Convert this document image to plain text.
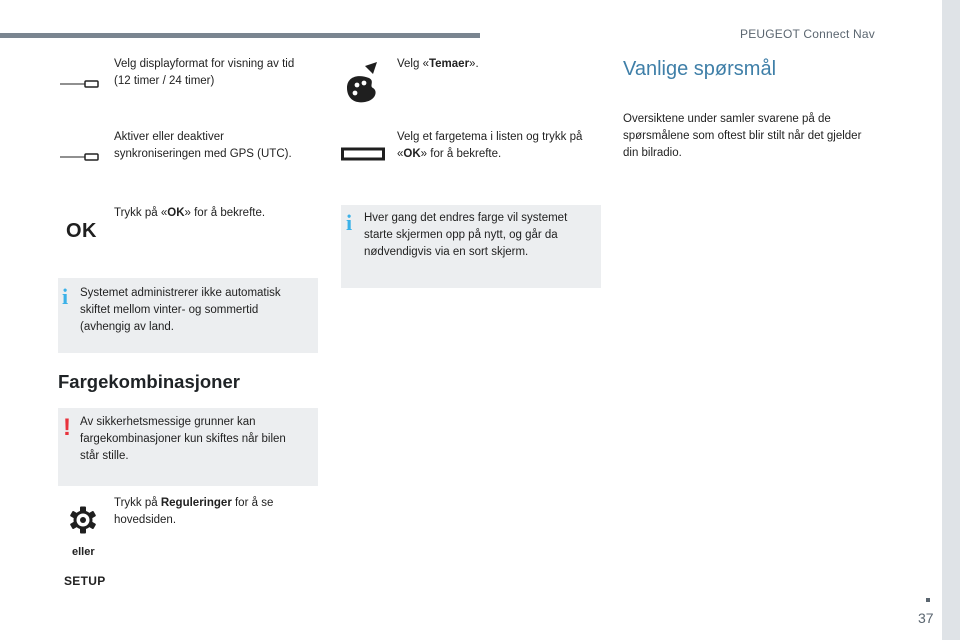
PEUGEOT Connect Nav
Velg displayformat for visning av tid
(12 timer / 24 timer)
Aktiver eller deaktiver
synkroniseringen med GPS (UTC).
OK
Trykk på «OK» for å bekrefte.
i Systemet administrerer ikke automatisk
skiftet mellom vinter- og sommertid
(avhengig av land.
Fargekombinasjoner
! Av sikkerhetsmessige grunner kan
fargekombinasjoner kun skiftes når bilen
står stille.
Trykk på Reguleringer for å se
hovedsiden.
eller
SETUP
Velg «Temaer».
Velg et fargetema i listen og trykk på
«OK» for å bekrefte.
i Hver gang det endres farge vil systemet
starte skjermen opp på nytt, og går da
nødvendigvis via en sort skjerm.
Vanlige spørsmål
Oversiktene under samler svarene på de
spørsmålene som oftest blir stilt når det gjelder
din bilradio.
37
